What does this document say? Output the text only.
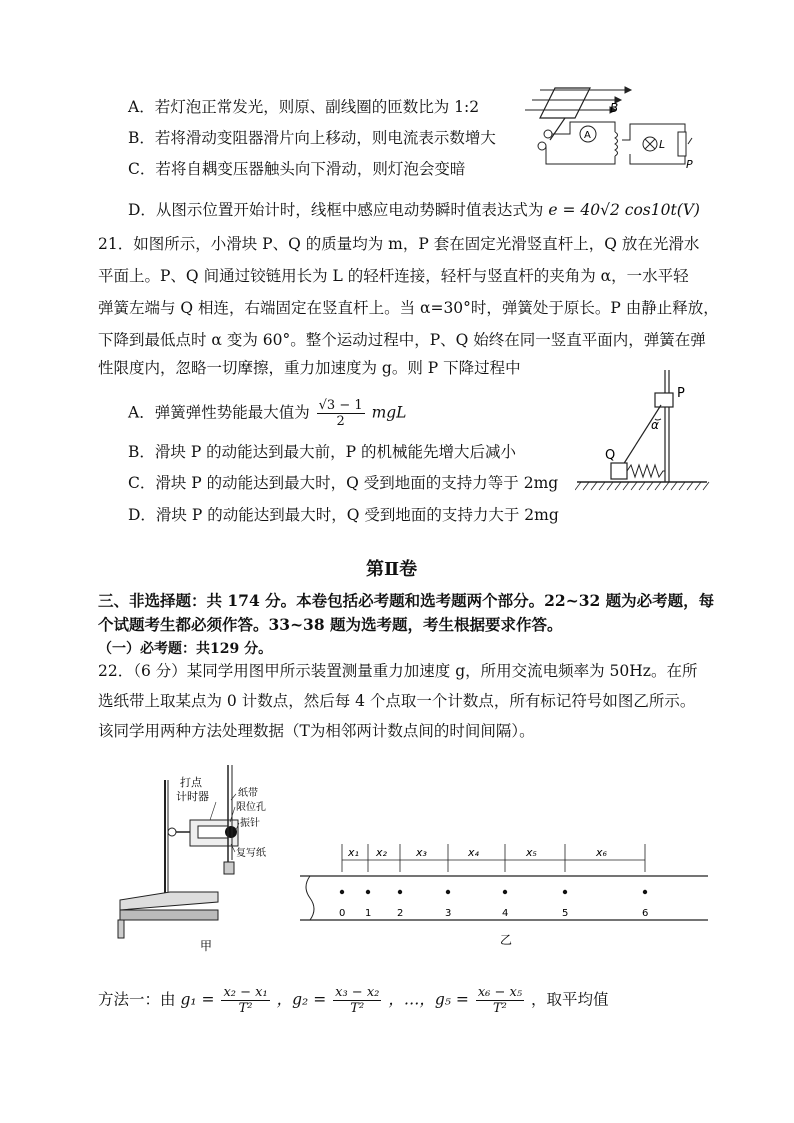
A．若灯泡正常发光，则原、副线圈的匝数比为 1:2
B．若将滑动变阻器滑片向上移动，则电流表示数增大
C．若将自耦变压器触头向下滑动，则灯泡会变暗
D．从图示位置开始计时，线框中感应电动势瞬时值表达式为 e = 40√2 cos10t(V)
B
A
L
P
21．如图所示，小滑块 P、Q 的质量均为 m，P 套在固定光滑竖直杆上，Q 放在光滑水
平面上。P、Q 间通过铰链用长为 L 的轻杆连接，轻杆与竖直杆的夹角为 α，一水平轻
弹簧左端与 Q 相连，右端固定在竖直杆上。当 α=30°时，弹簧处于原长。P 由静止释放，
下降到最低点时 α 变为 60°。整个运动过程中，P、Q 始终在同一竖直平面内，弹簧在弹
性限度内，忽略一切摩擦，重力加速度为 g。则 P 下降过程中
A．弹簧弹性势能最大值为 $\frac{√3 - 1}{2}$ mgL
B．滑块 P 的动能达到最大前，P 的机械能先增大后减小
C．滑块 P 的动能达到最大时，Q 受到地面的支持力等于 2mg
D．滑块 P 的动能达到最大时，Q 受到地面的支持力大于 2mg
P
α
Q
第Ⅱ卷
三、非选择题：共 174 分。本卷包括必考题和选考题两个部分。22~32 题为必考题，每
个试题考生都必须作答。33~38 题为选考题，考生根据要求作答。
（一）必考题：共129 分。
22．（6 分）某同学用图甲所示装置测量重力加速度 g，所用交流电频率为 50Hz。在所
选纸带上取某点为 0 计数点，然后每 4 个点取一个计数点，所有标记符号如图乙所示。
该同学用两种方法处理数据（T为相邻两计数点间的时间间隔）。
打点
计时器	纸带
限位孔
振针
复写纸
甲
x₁ x₂	x₃	x₄	x₅	x₆
0 1	2	3	4	5	6
乙
方法一：由 $g_1 = \frac{\text{x₂ − x₁}}{\text{T²}}$ ，$g_2 = \frac{\text{x₃ − x₂}}{\text{T²}}$ ，…，$g_5 = \frac{\text{x₆ − x₅}}{\text{T²}}$ ，取平均值
